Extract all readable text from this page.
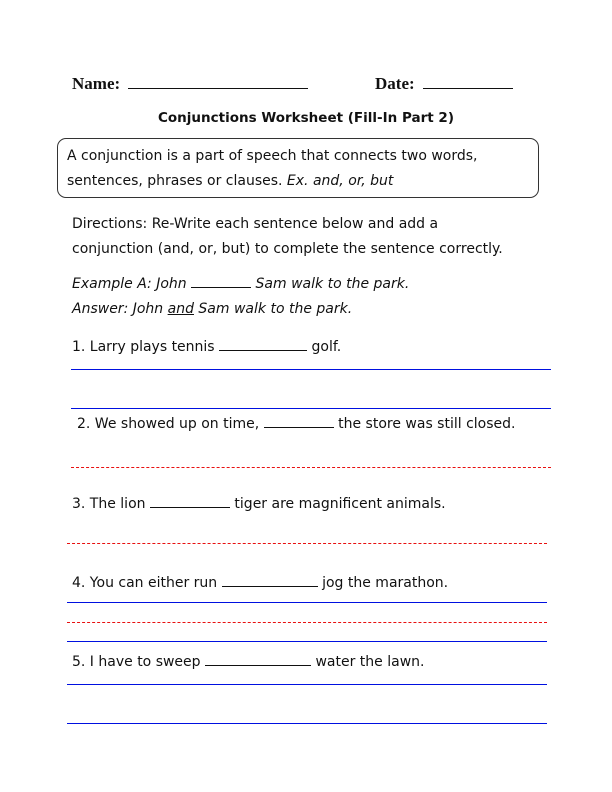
Name:	Date:
Conjunctions Worksheet (Fill-In Part 2)
A conjunction is a part of speech that connects two words,
sentences, phrases or clauses. Ex. and, or, but
Directions: Re-Write each sentence below and add a
conjunction (and, or, but) to complete the sentence correctly.
Example A: John	Sam walk to the park.
Answer: John and Sam walk to the park.
1. Larry plays tennis	golf.
2. We showed up on time,	the store was still closed.
3. The lion	tiger are magnificent animals.
4. You can either run	jog the marathon.
5. I have to sweep	water the lawn.
